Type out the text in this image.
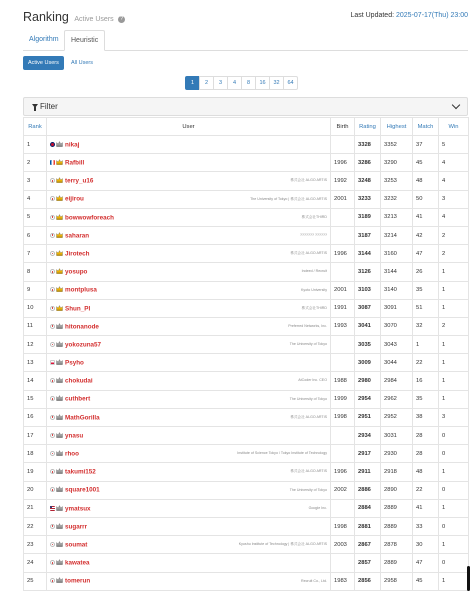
Ranking Active Users ?	Last Updated: 2025-07-17(Thu) 23:00
Algorithm	Heuristic
Active Users	All Users
1	2	3	4	8	16	32	64
Filter
Rank	User	Birth	Rating	Highest	Match	Win
1	nikaj		3328	3352	37	5
2	Rafbill	1996	3286	3290	45	4
3	terry_u16 株式会社 ALGO ARTIS	1992	3248	3253	48	4
4	eijirou The University of Tokyo | 株式会社 ALGO ARTIS	2001	3233	3232	50	3
5	bowwowforeach 株式会社THIRD		3189	3213	41	4
6	saharan ??????? ??????		3187	3214	42	2
7	Jirotech 株式会社 ALGO ARTIS	1996	3144	3160	47	2
8	yosupo Indeed / Recruit		3126	3144	26	1
9	montplusa Kyoto University	2001	3103	3140	35	1
10	Shun_PI 株式会社THIRD	1991	3087	3091	51	1
11	hitonanode Preferred Networks, Inc.	1993	3041	3070	32	2
12	yokozuna57 The University of Tokyo		3035	3043	1	1
13	Psyho		3009	3044	22	1
14	chokudai AtCoder Inc. CEO	1988	2980	2984	16	1
15	cuthbert The University of Tokyo	1999	2954	2962	35	1
16	MathGorilla 株式会社 ALGO ARTIS	1998	2951	2952	38	3
17	ynasu		2934	3031	28	0
18	rhoo Institute of Science Tokyo / Tokyo Institute of Technology		2917	2930	28	0
19	takumi152 株式会社 ALGO ARTIS	1996	2911	2918	48	1
20	square1001 The University of Tokyo	2002	2886	2890	22	0
21	ymatsux Google Inc.		2884	2889	41	1
22	sugarrr	1998	2881	2889	33	0
23	soumat Kyushu Institute of Technology | 株式会社 ALGO ARTIS	2003	2867	2878	30	1
24	kawatea		2857	2889	47	0
25	tomerun Recruit Co., Ltd.	1983	2856	2958	45	1
